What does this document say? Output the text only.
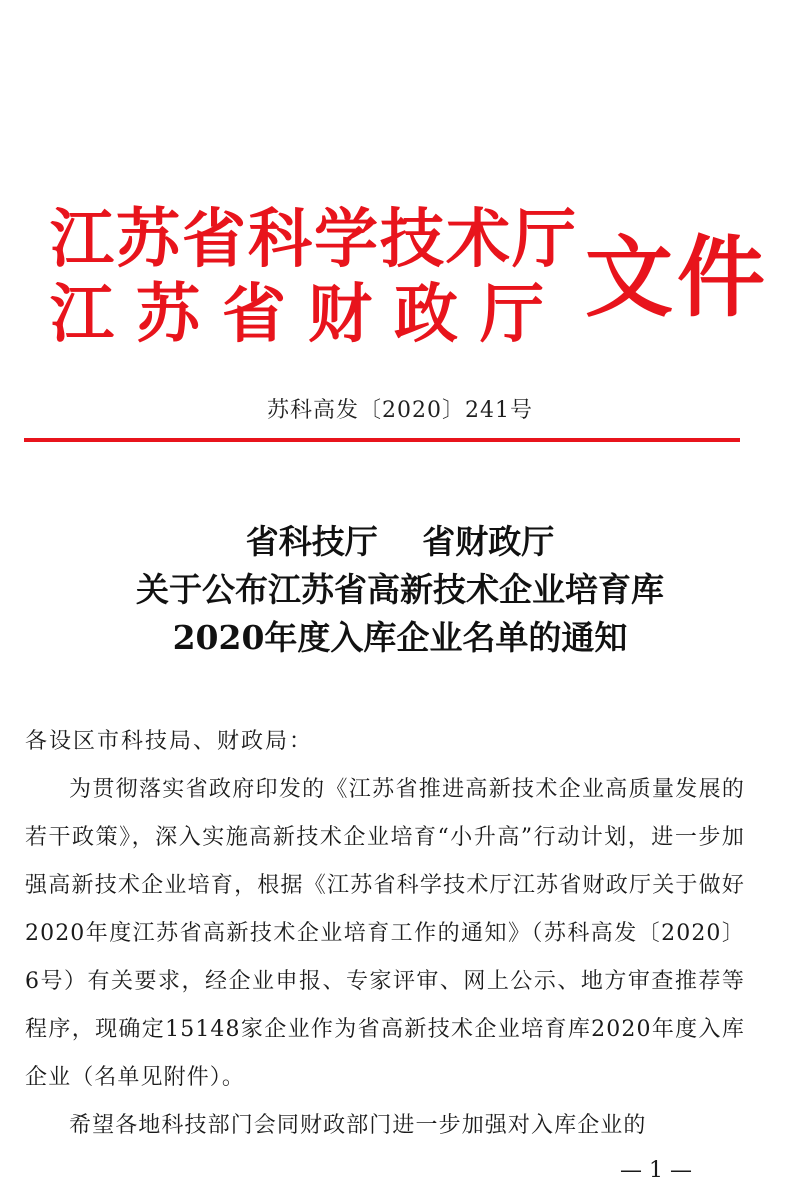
江苏省科学技术厅
江苏省财政厅 文件
苏科高发〔2020〕241号
省科技厅　 省财政厅
关于公布江苏省高新技术企业培育库
2020年度入库企业名单的通知

各设区市科技局、财政局：

为贯彻落实省政府印发的《江苏省推进高新技术企业高质量发展的若干政策》，深入实施高新技术企业培育“小升高”行动计划，进一步加强高新技术企业培育，根据《江苏省科学技术厅江苏省财政厅关于做好2020年度江苏省高新技术企业培育工作的通知》（苏科高发〔2020〕6号）有关要求，经企业申报、专家评审、网上公示、地方审查推荐等程序，现确定15148家企业作为省高新技术企业培育库2020年度入库企业（名单见附件）。

希望各地科技部门会同财政部门进一步加强对入库企业的

— 1 —
